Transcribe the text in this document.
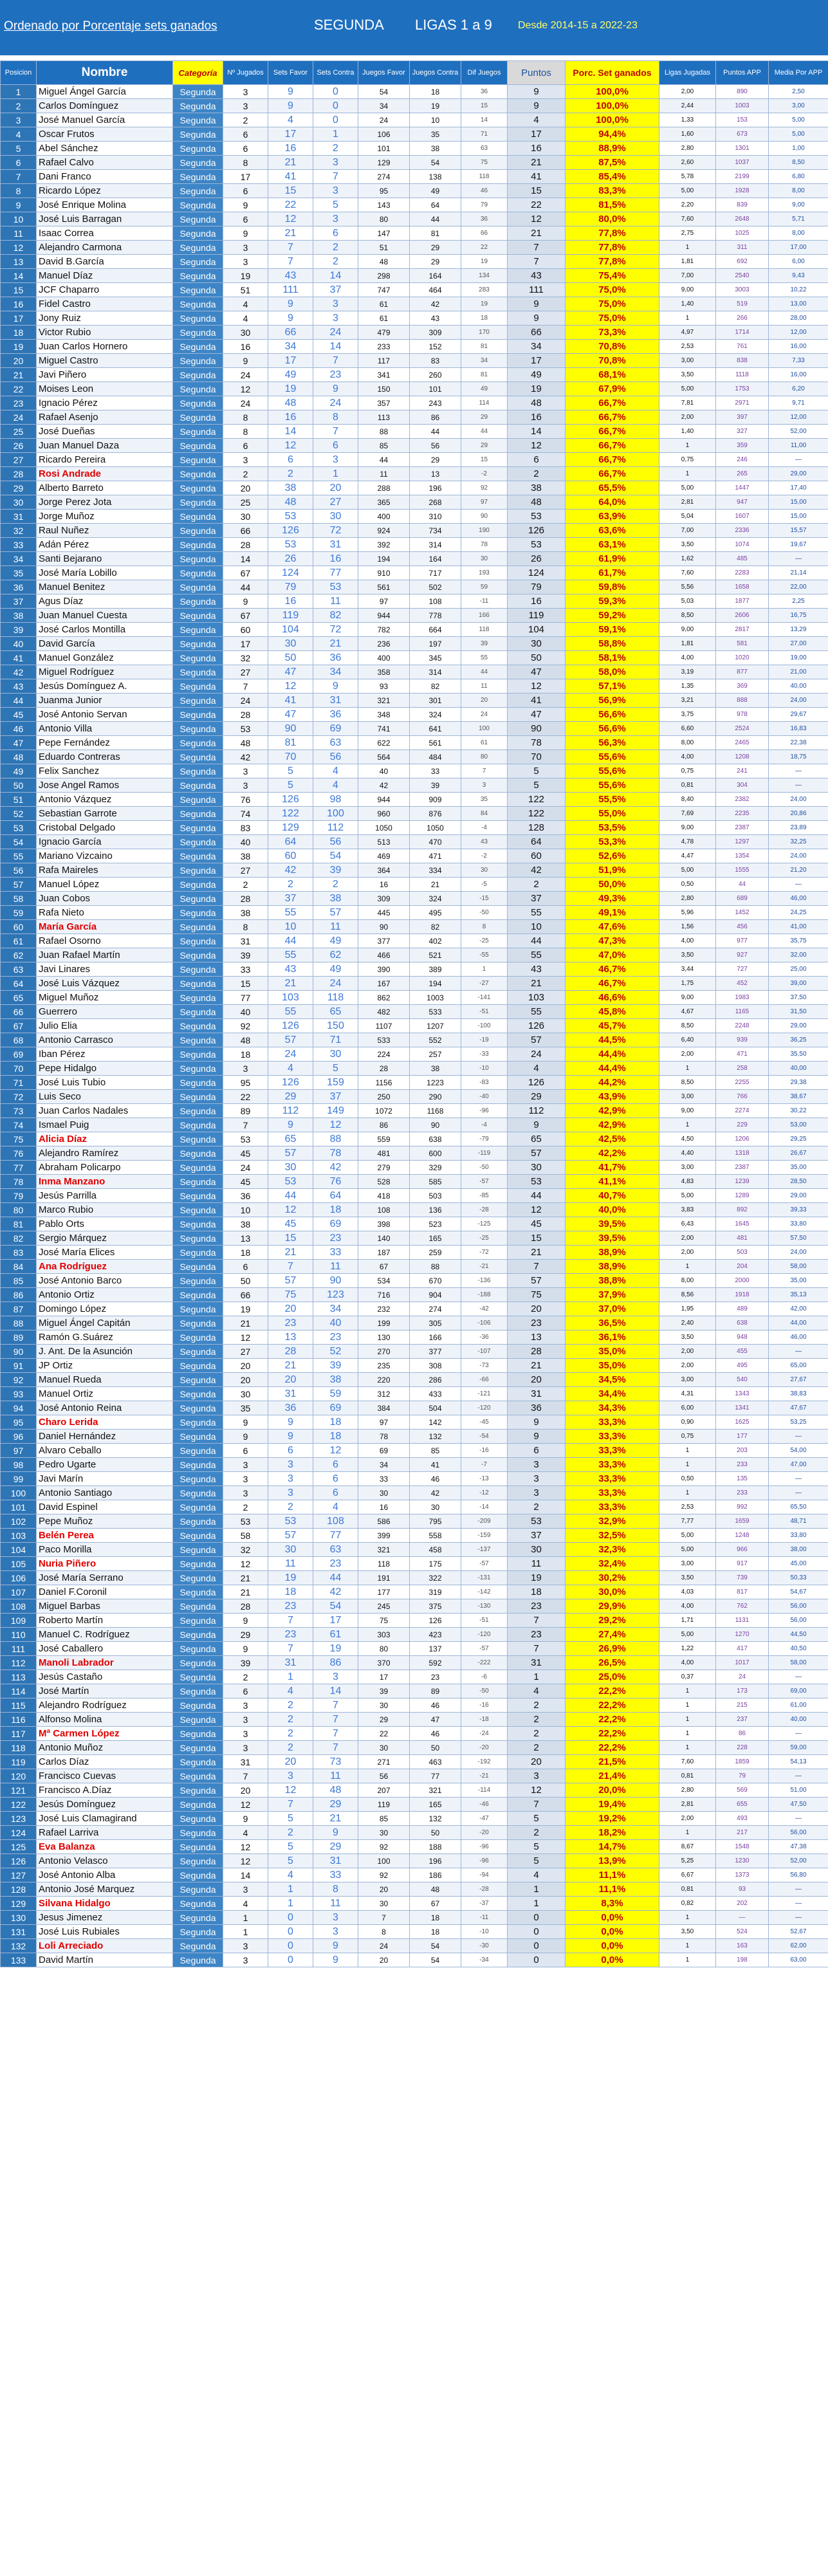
Ordenado por Porcentaje sets ganados	SEGUNDA LIGAS 1 a 9	Desde 2014-15 a 2022-23
Posicion	Nombre	Categoría	Nº Jugados	Sets Favor	Sets Contra	Juegos Favor	Juegos Contra	Dif Juegos	Puntos	Porc. Set ganados	Ligas Jugadas	Puntos APP	Media Por APP
1	Miguel Ángel García	Segunda	3	9	0	54	18	36	9	100,0%	2,00	890	2,50
2	Carlos Domínguez	Segunda	3	9	0	34	19	15	9	100,0%	2,44	1003	3,00
3	José Manuel García	Segunda	2	4	0	24	10	14	4	100,0%	1,33	153	5,00
4	Oscar Frutos	Segunda	6	17	1	106	35	71	17	94,4%	1,60	673	5,00
5	Abel Sánchez	Segunda	6	16	2	101	38	63	16	88,9%	2,80	1301	1,00
6	Rafael Calvo	Segunda	8	21	3	129	54	75	21	87,5%	2,60	1037	8,50
7	Dani Franco	Segunda	17	41	7	274	138	118	41	85,4%	5,78	2199	6,80
8	Ricardo López	Segunda	6	15	3	95	49	46	15	83,3%	5,00	1928	8,00
9	José Enrique Molina	Segunda	9	22	5	143	64	79	22	81,5%	2,20	839	9,00
10	José Luis Barragan	Segunda	6	12	3	80	44	36	12	80,0%	7,60	2648	5,71
11	Isaac Correa	Segunda	9	21	6	147	81	66	21	77,8%	2,75	1025	8,00
12	Alejandro Carmona	Segunda	3	7	2	51	29	22	7	77,8%	1	311	17,00
13	David B.García	Segunda	3	7	2	48	29	19	7	77,8%	1,81	692	6,00
14	Manuel Díaz	Segunda	19	43	14	298	164	134	43	75,4%	7,00	2540	9,43
15	JCF Chaparro	Segunda	51	111	37	747	464	283	111	75,0%	9,00	3003	10,22
16	Fidel Castro	Segunda	4	9	3	61	42	19	9	75,0%	1,40	519	13,00
17	Jony Ruiz	Segunda	4	9	3	61	43	18	9	75,0%	1	266	28,00
18	Victor Rubio	Segunda	30	66	24	479	309	170	66	73,3%	4,97	1714	12,00
19	Juan Carlos Hornero	Segunda	16	34	14	233	152	81	34	70,8%	2,53	761	16,00
20	Miguel Castro	Segunda	9	17	7	117	83	34	17	70,8%	3,00	838	7,33
21	Javi Piñero	Segunda	24	49	23	341	260	81	49	68,1%	3,50	1118	16,00
22	Moises Leon	Segunda	12	19	9	150	101	49	19	67,9%	5,00	1753	6,20
23	Ignacio Pérez	Segunda	24	48	24	357	243	114	48	66,7%	7,81	2971	9,71
24	Rafael Asenjo	Segunda	8	16	8	113	86	29	16	66,7%	2,00	397	12,00
25	José Dueñas	Segunda	8	14	7	88	44	44	14	66,7%	1,40	327	52,00
26	Juan Manuel Daza	Segunda	6	12	6	85	56	29	12	66,7%	1	359	11,00
27	Ricardo Pereira	Segunda	3	6	3	44	29	15	6	66,7%	0,75	246	—
28	Rosi Andrade	Segunda	2	2	1	11	13	-2	2	66,7%	1	265	29,00
29	Alberto Barreto	Segunda	20	38	20	288	196	92	38	65,5%	5,00	1447	17,40
30	Jorge Perez Jota	Segunda	25	48	27	365	268	97	48	64,0%	2,81	947	15,00
31	Jorge Muñoz	Segunda	30	53	30	400	310	90	53	63,9%	5,04	1607	15,00
32	Raul Nuñez	Segunda	66	126	72	924	734	190	126	63,6%	7,00	2336	15,57
33	Adán Pérez	Segunda	28	53	31	392	314	78	53	63,1%	3,50	1074	19,67
34	Santi Bejarano	Segunda	14	26	16	194	164	30	26	61,9%	1,62	485	—
35	José María Lobillo	Segunda	67	124	77	910	717	193	124	61,7%	7,60	2283	21,14
36	Manuel Benitez	Segunda	44	79	53	561	502	59	79	59,8%	5,56	1658	22,00
37	Agus Díaz	Segunda	9	16	11	97	108	-11	16	59,3%	5,03	1877	2,25
38	Juan Manuel Cuesta	Segunda	67	119	82	944	778	166	119	59,2%	8,50	2606	16,75
39	José Carlos Montilla	Segunda	60	104	72	782	664	118	104	59,1%	9,00	2817	13,29
40	David García	Segunda	17	30	21	236	197	39	30	58,8%	1,81	581	27,00
41	Manuel González	Segunda	32	50	36	400	345	55	50	58,1%	4,00	1020	19,00
42	Miguel Rodríguez	Segunda	27	47	34	358	314	44	47	58,0%	3,19	877	21,00
43	Jesús Domínguez A.	Segunda	7	12	9	93	82	11	12	57,1%	1,35	369	40,00
44	Juanma Junior	Segunda	24	41	31	321	301	20	41	56,9%	3,21	888	24,00
45	José Antonio Servan	Segunda	28	47	36	348	324	24	47	56,6%	3,75	978	29,67
46	Antonio Villa	Segunda	53	90	69	741	641	100	90	56,6%	6,60	2524	16,83
47	Pepe Fernández	Segunda	48	81	63	622	561	61	78	56,3%	8,00	2465	22,38
48	Eduardo Contreras	Segunda	42	70	56	564	484	80	70	55,6%	4,00	1208	18,75
49	Felix Sanchez	Segunda	3	5	4	40	33	7	5	55,6%	0,75	241	—
50	Jose Angel Ramos	Segunda	3	5	4	42	39	3	5	55,6%	0,81	304	—
51	Antonio Vázquez	Segunda	76	126	98	944	909	35	122	55,5%	8,40	2382	24,00
52	Sebastian Garrote	Segunda	74	122	100	960	876	84	122	55,0%	7,69	2235	20,86
53	Cristobal Delgado	Segunda	83	129	112	1050	1050	-4	128	53,5%	9,00	2387	23,89
54	Ignacio García	Segunda	40	64	56	513	470	43	64	53,3%	4,78	1297	32,25
55	Mariano Vizcaino	Segunda	38	60	54	469	471	-2	60	52,6%	4,47	1354	24,00
56	Rafa Maireles	Segunda	27	42	39	364	334	30	42	51,9%	5,00	1555	21,20
57	Manuel López	Segunda	2	2	2	16	21	-5	2	50,0%	0,50	44	—
58	Juan Cobos	Segunda	28	37	38	309	324	-15	37	49,3%	2,80	689	46,00
59	Rafa Nieto	Segunda	38	55	57	445	495	-50	55	49,1%	5,96	1452	24,25
60	María García	Segunda	8	10	11	90	82	8	10	47,6%	1,56	456	41,00
61	Rafael Osorno	Segunda	31	44	49	377	402	-25	44	47,3%	4,00	977	35,75
62	Juan Rafael Martín	Segunda	39	55	62	466	521	-55	55	47,0%	3,50	927	32,00
63	Javi Linares	Segunda	33	43	49	390	389	1	43	46,7%	3,44	727	25,00
64	José Luis Vázquez	Segunda	15	21	24	167	194	-27	21	46,7%	1,75	452	39,00
65	Miguel Muñoz	Segunda	77	103	118	862	1003	-141	103	46,6%	9,00	1983	37,50
66	Guerrero	Segunda	40	55	65	482	533	-51	55	45,8%	4,67	1165	31,50
67	Julio Elia	Segunda	92	126	150	1107	1207	-100	126	45,7%	8,50	2248	29,00
68	Antonio Carrasco	Segunda	48	57	71	533	552	-19	57	44,5%	6,40	939	36,25
69	Iban Pérez	Segunda	18	24	30	224	257	-33	24	44,4%	2,00	471	35,50
70	Pepe Hidalgo	Segunda	3	4	5	28	38	-10	4	44,4%	1	258	40,00
71	José Luis Tubio	Segunda	95	126	159	1156	1223	-83	126	44,2%	8,50	2255	29,38
72	Luis Seco	Segunda	22	29	37	250	290	-40	29	43,9%	3,00	766	38,67
73	Juan Carlos Nadales	Segunda	89	112	149	1072	1168	-96	112	42,9%	9,00	2274	30,22
74	Ismael Puig	Segunda	7	9	12	86	90	-4	9	42,9%	1	229	53,00
75	Alicia Díaz	Segunda	53	65	88	559	638	-79	65	42,5%	4,50	1206	29,25
76	Alejandro Ramírez	Segunda	45	57	78	481	600	-119	57	42,2%	4,40	1318	26,67
77	Abraham Policarpo	Segunda	24	30	42	279	329	-50	30	41,7%	3,00	2387	35,00
78	Inma Manzano	Segunda	45	53	76	528	585	-57	53	41,1%	4,83	1239	28,50
79	Jesús Parrilla	Segunda	36	44	64	418	503	-85	44	40,7%	5,00	1289	29,00
80	Marco Rubio	Segunda	10	12	18	108	136	-28	12	40,0%	3,83	892	39,33
81	Pablo Orts	Segunda	38	45	69	398	523	-125	45	39,5%	6,43	1645	33,80
82	Sergio Márquez	Segunda	13	15	23	140	165	-25	15	39,5%	2,00	481	57,50
83	José María Elices	Segunda	18	21	33	187	259	-72	21	38,9%	2,00	503	24,00
84	Ana Rodríguez	Segunda	6	7	11	67	88	-21	7	38,9%	1	204	58,00
85	José Antonio Barco	Segunda	50	57	90	534	670	-136	57	38,8%	8,00	2000	35,00
86	Antonio Ortiz	Segunda	66	75	123	716	904	-188	75	37,9%	8,56	1918	35,13
87	Domingo López	Segunda	19	20	34	232	274	-42	20	37,0%	1,95	489	42,00
88	Miguel Ángel Capitán	Segunda	21	23	40	199	305	-106	23	36,5%	2,40	638	44,00
89	Ramón G.Suárez	Segunda	12	13	23	130	166	-36	13	36,1%	3,50	948	46,00
90	J. Ant. De la Asunción	Segunda	27	28	52	270	377	-107	28	35,0%	2,00	455	—
91	JP Ortiz	Segunda	20	21	39	235	308	-73	21	35,0%	2,00	495	65,00
92	Manuel Rueda	Segunda	20	20	38	220	286	-66	20	34,5%	3,00	540	27,67
93	Manuel Ortiz	Segunda	30	31	59	312	433	-121	31	34,4%	4,31	1343	38,83
94	José Antonio Reina	Segunda	35	36	69	384	504	-120	36	34,3%	6,00	1341	47,67
95	Charo Lerida	Segunda	9	9	18	97	142	-45	9	33,3%	0,90	1625	53,25
96	Daniel Hernández	Segunda	9	9	18	78	132	-54	9	33,3%	0,75	177	—
97	Alvaro Ceballo	Segunda	6	6	12	69	85	-16	6	33,3%	1	203	54,00
98	Pedro Ugarte	Segunda	3	3	6	34	41	-7	3	33,3%	1	233	47,00
99	Javi Marín	Segunda	3	3	6	33	46	-13	3	33,3%	0,50	135	—
100	Antonio Santiago	Segunda	3	3	6	30	42	-12	3	33,3%	1	233	—
101	David Espinel	Segunda	2	2	4	16	30	-14	2	33,3%	2,53	992	65,50
102	Pepe Muñoz	Segunda	53	53	108	586	795	-209	53	32,9%	7,77	1659	48,71
103	Belén Perea	Segunda	58	57	77	399	558	-159	37	32,5%	5,00	1248	33,80
104	Paco Morilla	Segunda	32	30	63	321	458	-137	30	32,3%	5,00	966	38,00
105	Nuria Piñero	Segunda	12	11	23	118	175	-57	11	32,4%	3,00	917	45,00
106	José María Serrano	Segunda	21	19	44	191	322	-131	19	30,2%	3,50	739	50,33
107	Daniel F.Coronil	Segunda	21	18	42	177	319	-142	18	30,0%	4,03	817	54,67
108	Miguel Barbas	Segunda	28	23	54	245	375	-130	23	29,9%	4,00	762	56,00
109	Roberto Martín	Segunda	9	7	17	75	126	-51	7	29,2%	1,71	1131	56,00
110	Manuel C. Rodríguez	Segunda	29	23	61	303	423	-120	23	27,4%	5,00	1270	44,50
111	José Caballero	Segunda	9	7	19	80	137	-57	7	26,9%	1,22	417	40,50
112	Manoli Labrador	Segunda	39	31	86	370	592	-222	31	26,5%	4,00	1017	58,00
113	Jesús Castaño	Segunda	2	1	3	17	23	-6	1	25,0%	0,37	24	—
114	José Martín	Segunda	6	4	14	39	89	-50	4	22,2%	1	173	69,00
115	Alejandro Rodríguez	Segunda	3	2	7	30	46	-16	2	22,2%	1	215	61,00
116	Alfonso Molina	Segunda	3	2	7	29	47	-18	2	22,2%	1	237	40,00
117	Mª Carmen López	Segunda	3	2	7	22	46	-24	2	22,2%	1	86	—
118	Antonio Muñoz	Segunda	3	2	7	30	50	-20	2	22,2%	1	228	59,00
119	Carlos Díaz	Segunda	31	20	73	271	463	-192	20	21,5%	7,60	1859	54,13
120	Francisco Cuevas	Segunda	7	3	11	56	77	-21	3	21,4%	0,81	79	—
121	Francisco A.Díaz	Segunda	20	12	48	207	321	-114	12	20,0%	2,80	569	51,00
122	Jesús Domínguez	Segunda	12	7	29	119	165	-46	7	19,4%	2,81	655	47,50
123	José Luis Clamagirand	Segunda	9	5	21	85	132	-47	5	19,2%	2,00	493	—
124	Rafael Larriva	Segunda	4	2	9	30	50	-20	2	18,2%	1	217	56,00
125	Eva Balanza	Segunda	12	5	29	92	188	-96	5	14,7%	8,67	1548	47,38
126	Antonio Velasco	Segunda	12	5	31	100	196	-96	5	13,9%	5,25	1230	52,00
127	José Antonio Alba	Segunda	14	4	33	92	186	-94	4	11,1%	6,67	1373	56,80
128	Antonio José Marquez	Segunda	3	1	8	20	48	-28	1	11,1%	0,81	93	—
129	Silvana Hidalgo	Segunda	4	1	11	30	67	-37	1	8,3%	0,82	202	—
130	Jesus Jimenez	Segunda	1	0	3	7	18	-11	0	0,0%	1	—	—
131	José Luis Rubiales	Segunda	1	0	3	8	18	-10	0	0,0%	3,50	524	52,67
132	Loli Arreciado	Segunda	3	0	9	24	54	-30	0	0,0%	1	163	62,00
133	David Martín	Segunda	3	0	9	20	54	-34	0	0,0%	1	198	63,00
